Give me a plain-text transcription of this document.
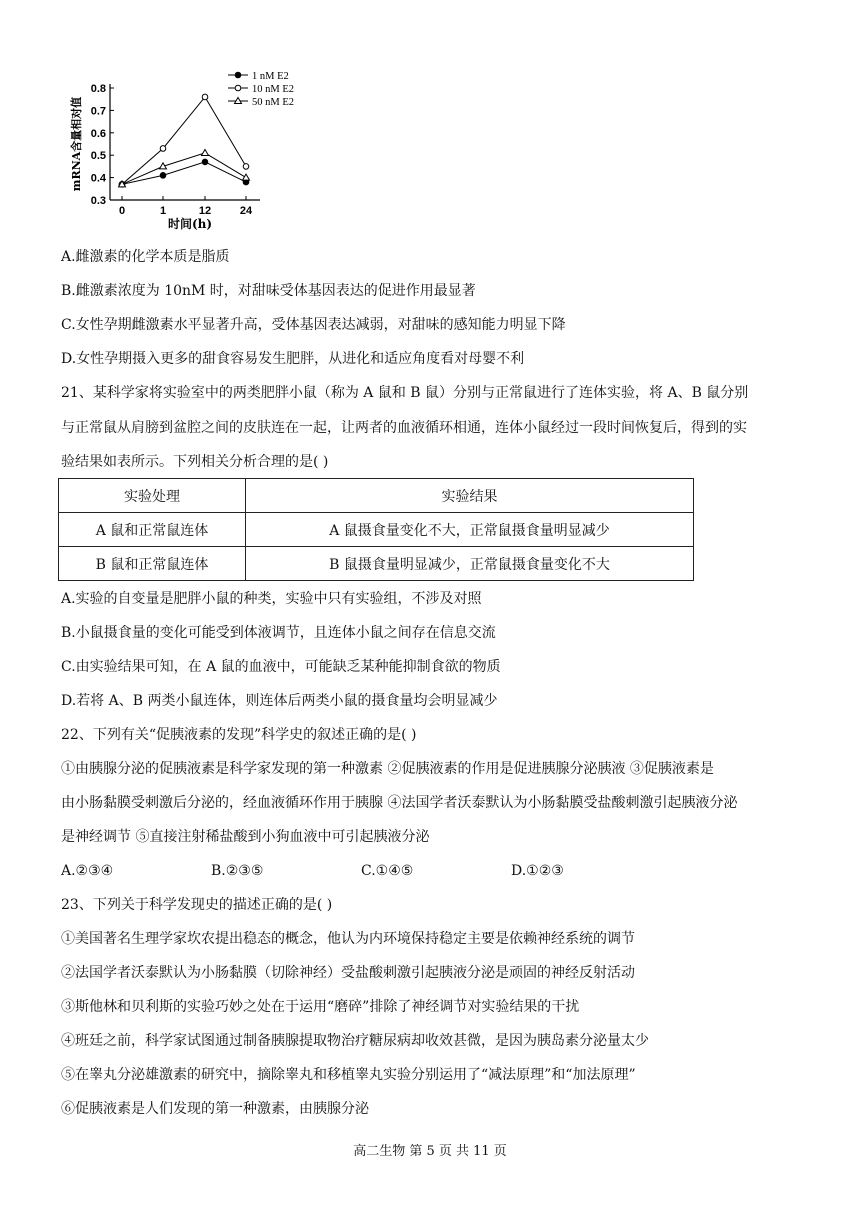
0.3
0.4
0.5
0.6
0.7
0.8
0	1	12	24
时间(h)
mRNA含量相对值
1 nM E2
10 nM E2
50 nM E2
A.雌激素的化学本质是脂质
B.雌激素浓度为 10nM 时，对甜味受体基因表达的促进作用最显著
C.女性孕期雌激素水平显著升高，受体基因表达减弱，对甜味的感知能力明显下降
D.女性孕期摄入更多的甜食容易发生肥胖，从进化和适应角度看对母婴不利
21、某科学家将实验室中的两类肥胖小鼠（称为 A 鼠和 B 鼠）分别与正常鼠进行了连体实验，将 A、B 鼠分别
与正常鼠从肩膀到盆腔之间的皮肤连在一起，让两者的血液循环相通，连体小鼠经过一段时间恢复后，得到的实
验结果如表所示。下列相关分析合理的是( )
实验处理	实验结果
A 鼠和正常鼠连体	A 鼠摄食量变化不大，正常鼠摄食量明显减少
B 鼠和正常鼠连体	B 鼠摄食量明显减少，正常鼠摄食量变化不大
A.实验的自变量是肥胖小鼠的种类，实验中只有实验组，不涉及对照
B.小鼠摄食量的变化可能受到体液调节，且连体小鼠之间存在信息交流
C.由实验结果可知，在 A 鼠的血液中，可能缺乏某种能抑制食欲的物质
D.若将 A、B 两类小鼠连体，则连体后两类小鼠的摄食量均会明显减少
22、下列有关“促胰液素的发现”科学史的叙述正确的是( )
①由胰腺分泌的促胰液素是科学家发现的第一种激素 ②促胰液素的作用是促进胰腺分泌胰液 ③促胰液素是
由小肠黏膜受刺激后分泌的，经血液循环作用于胰腺 ④法国学者沃泰默认为小肠黏膜受盐酸刺激引起胰液分泌
是神经调节 ⑤直接注射稀盐酸到小狗血液中可引起胰液分泌
A.②③④	B.②③⑤	C.①④⑤	D.①②③
23、下列关于科学发现史的描述正确的是( )
①美国著名生理学家坎农提出稳态的概念，他认为内环境保持稳定主要是依赖神经系统的调节
②法国学者沃泰默认为小肠黏膜（切除神经）受盐酸刺激引起胰液分泌是顽固的神经反射活动
③斯他林和贝利斯的实验巧妙之处在于运用“磨碎”排除了神经调节对实验结果的干扰
④班廷之前，科学家试图通过制备胰腺提取物治疗糖尿病却收效甚微，是因为胰岛素分泌量太少
⑤在睾丸分泌雄激素的研究中，摘除睾丸和移植睾丸实验分别运用了“减法原理”和“加法原理”
⑥促胰液素是人们发现的第一种激素，由胰腺分泌
高二生物 第 5 页 共 11 页
